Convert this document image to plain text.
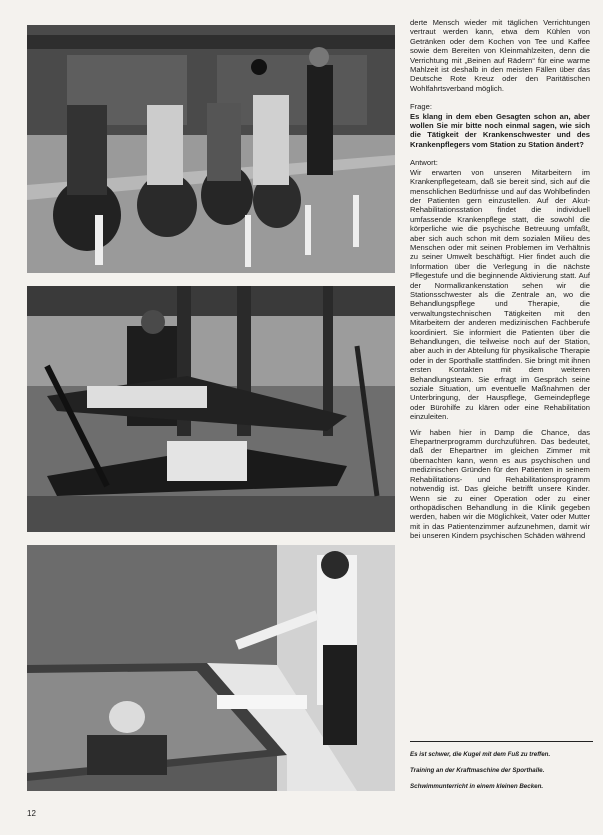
derte Mensch wieder mit täglichen Verrichtungen vertraut werden kann, etwa dem Kühlen von Getränken oder dem Kochen von Tee und Kaffee sowie dem Bereiten von Kleinmahlzeiten, denn die Verrichtung mit „Beinen auf Rädern“ für eine warme Mahlzeit ist deshalb in den meisten Fällen über das Deutsche Rote Kreuz oder den Paritätischen Wohlfahrtsverband möglich.

Frage:

Es klang in dem eben Gesagten schon an, aber wollen Sie mir bitte noch einmal sagen, wie sich die Tätigkeit der Krankenschwester und des Krankenpflegers vom Station zu Station ändert?

Antwort:

Wir erwarten von unseren Mitarbeitern im Krankenpflegeteam, daß sie bereit sind, sich auf die menschlichen Bedürfnisse und auf das Wohlbefinden der Patienten gern einzustellen. Auf der Akut-Rehabilitationsstation findet die individuell umfassende Krankenpflege statt, die sowohl die körperliche wie die psychische Betreuung umfaßt, aber sich auch schon mit dem sozialen Milieu des Menschen oder mit seinen Problemen im Verhältnis zu seiner Umwelt beschäftigt. Hier findet auch die Information über die Verlegung in die nächste Pflegestufe und die beginnende Aktivierung statt. Auf der Normalkrankenstation sehen wir die Stationsschwester als die Zentrale an, wo die Behandlungspflege und Therapie, die verwaltungstechnischen Tätigkeiten mit den Mitarbeitern der anderen medizinischen Fachberufe koordiniert. Sie informiert die Patienten über die Behandlungen, die teilweise noch auf der Station, aber auch in der Abteilung für physikalische Therapie oder in der Sporthalle stattfinden. Sie bringt mit ihnen ersten Kontakten mit dem weiteren Behandlungsteam. Sie erfragt im Gespräch seine soziale Situation, um eventuelle Maßnahmen der Unterbringung, der Hauspflege, Gemeindepflege oder Bürohilfe zu klären oder eine Rehabilitation einzuleiten.

Wir haben hier in Damp die Chance, das Ehepartnerprogramm durchzuführen. Das bedeutet, daß der Ehepartner im gleichen Zimmer mit übernachten kann, wenn es aus psychischen und medizinischen Gründen für den Patienten in seinem Rehabilitations- und Rehabilitationsprogramm notwendig ist. Das gleiche betrifft unsere Kinder. Wenn sie zu einer Operation oder zu einer orthopädischen Behandlung in die Klinik gegeben werden, haben wir die Möglichkeit, Vater oder Mutter mit in das Patientenzimmer aufzunehmen, damit wir bei unseren Kindern psychischen Schäden während

Es ist schwer, die Kugel mit dem Fuß zu treffen.
Training an der Kraftmaschine der Sporthalle.
Schwimmunterricht in einem kleinen Becken.
12
